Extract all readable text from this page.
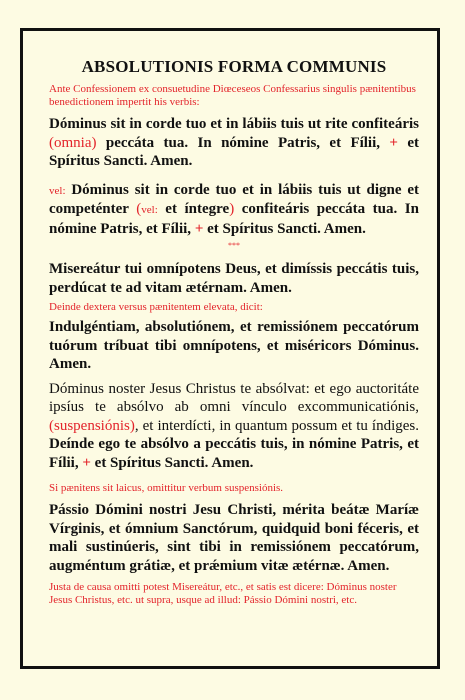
ABSOLUTIONIS FORMA COMMUNIS

Ante Confessionem ex consuetudine Diœceseos Confessarius singulis pænitentibus benedictionem impertit his verbis:

Dóminus sit in corde tuo et in lábiis tuis ut rite confiteáris (omnia) peccáta tua. In nómine Patris, et Fílii, + et Spíritus Sancti. Amen.

vel: Dóminus sit in corde tuo et in lábiis tuis ut digne et competénter (vel: et íntegre) confiteáris peccáta tua. In nómine Patris, et Fílii, + et Spíritus Sancti. Amen.

***

Misereátur tui omnípotens Deus, et dimíssis peccátis tuis, perdúcat te ad vitam ætérnam. Amen.

Deinde dextera versus pænitentem elevata, dicit:

Indulgéntiam, absolutiónem, et remissiónem peccatórum tuórum tríbuat tibi omnípotens, et miséricors Dóminus. Amen.

Dóminus noster Jesus Christus te absólvat: et ego auctoritáte ipsíus te absólvo ab omni vínculo excommunicatiónis, (suspensiónis), et interdícti, in quantum possum et tu índiges. Deínde ego te absólvo a peccátis tuis, in nómine Patris, et Fílii, + et Spíritus Sancti. Amen.

Si pænitens sit laicus, omittitur verbum suspensiónis.

Pássio Dómini nostri Jesu Christi, mérita beátæ Maríæ Vírginis, et ómnium Sanctórum, quidquid boni féceris, et mali sustinúeris, sint tibi in remissiónem peccatórum, augméntum grátiæ, et prǽmium vitæ ætérnæ. Amen.

Justa de causa omitti potest Misereátur, etc., et satis est dicere: Dóminus noster Jesus Christus, etc. ut supra, usque ad illud: Pássio Dómini nostri, etc.
